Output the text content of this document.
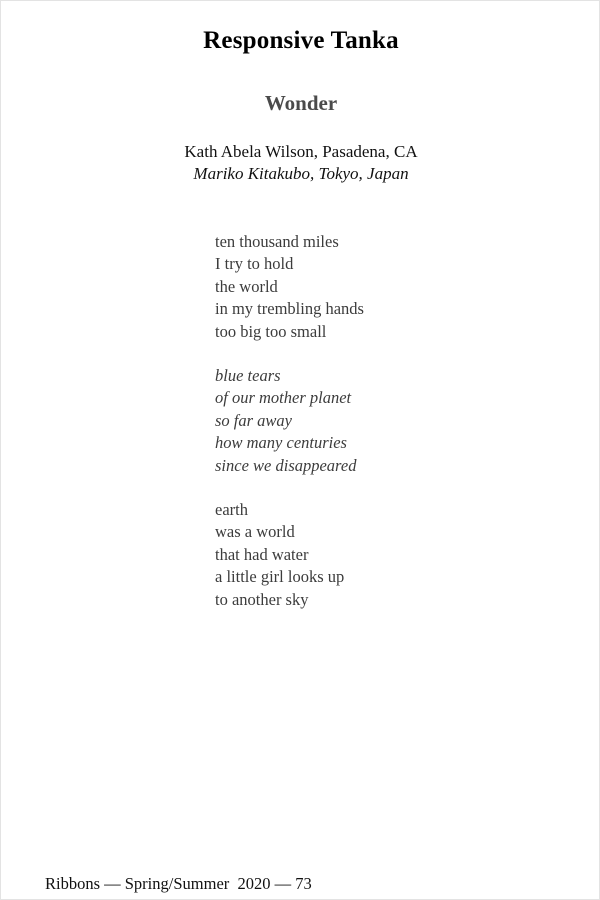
Responsive Tanka
Wonder

Kath Abela Wilson, Pasadena, CA

Mariko Kitakubo, Tokyo, Japan

ten thousand miles
I try to hold
the world
in my trembling hands
too big too small
blue tears
of our mother planet
so far away
how many centuries
since we disappeared
earth
was a world
that had water
a little girl looks up
to another sky

Ribbons — Spring/Summer  2020 — 73
